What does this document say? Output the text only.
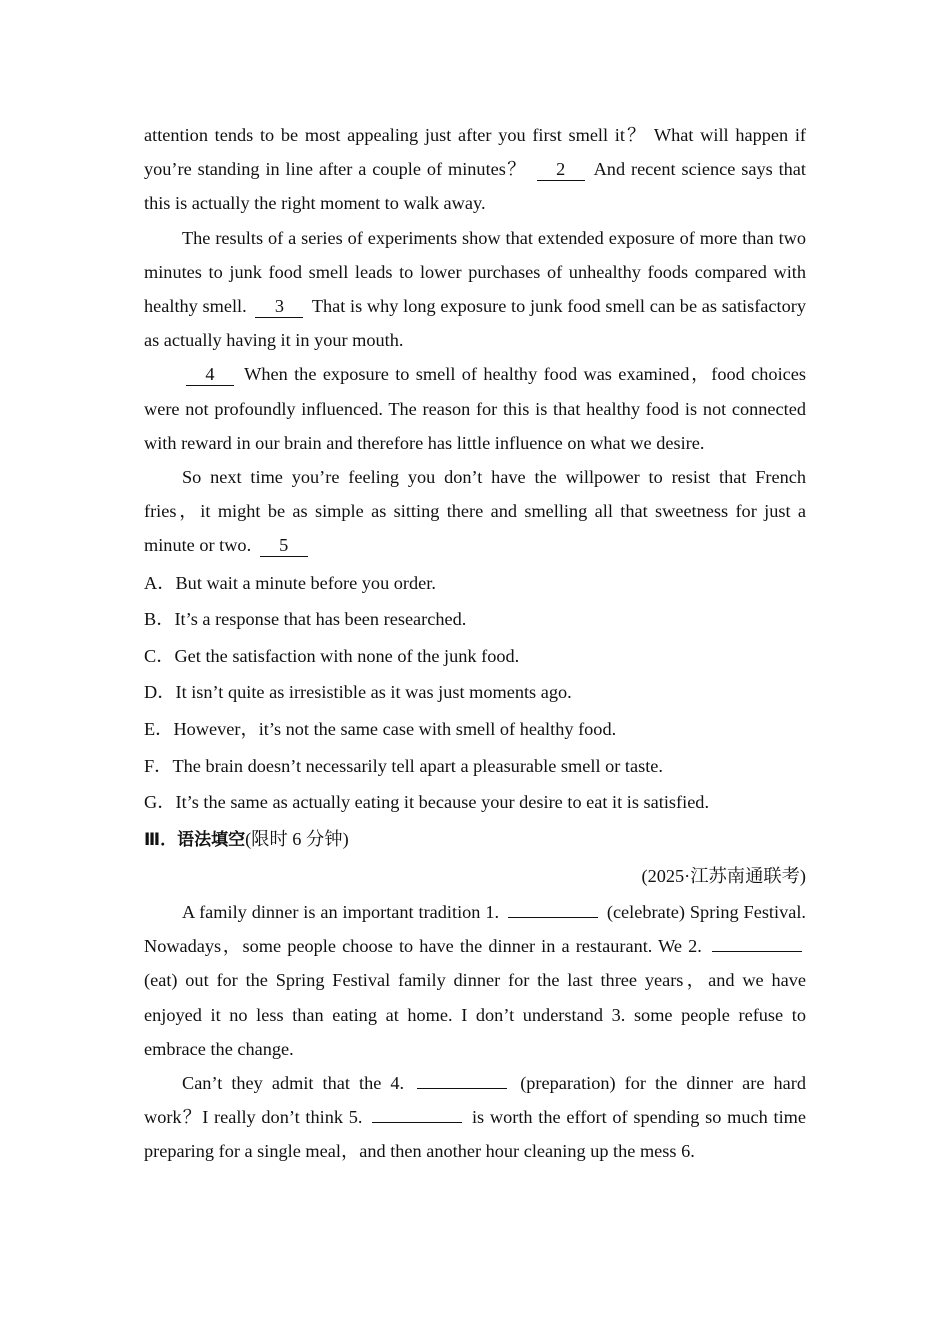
attention tends to be most appealing just after you first smell it？ What will happen if you’re standing in line after a couple of minutes？ 2 And recent science says that this is actually the right moment to walk away.

The results of a series of experiments show that extended exposure of more than two minutes to junk food smell leads to lower purchases of unhealthy foods compared with healthy smell. 3 That is why long exposure to junk food smell can be as satisfactory as actually having it in your mouth.

4 When the exposure to smell of healthy food was examined，food choices were not profoundly influenced. The reason for this is that healthy food is not connected with reward in our brain and therefore has little influence on what we desire.

So next time you’re feeling you don’t have the willpower to resist that French fries，it might be as simple as sitting there and smelling all that sweetness for just a minute or two. 5

A．But wait a minute before you order.

B．It’s a response that has been researched.

C．Get the satisfaction with none of the junk food.

D．It isn’t quite as irresistible as it was just moments ago.

E．However，it’s not the same case with smell of healthy food.

F．The brain doesn’t necessarily tell apart a pleasurable smell or taste.

G．It’s the same as actually eating it because your desire to eat it is satisfied.

Ⅲ．语法填空(限时 6 分钟)

(2025·江苏南通联考)

A family dinner is an important tradition 1.	(celebrate) Spring Festival. Nowadays，some people choose to have the dinner in a restaurant. We 2.  (eat) out for the Spring Festival family dinner for the last three years，and we have enjoyed it no less than eating at home. I don’t understand 3. some people refuse to embrace the change.

Can’t they admit that the 4.	(preparation) for the dinner are hard work？I really don’t think 5.	is worth the effort of spending so much time preparing for a single meal，and then another hour cleaning up the mess 6.
